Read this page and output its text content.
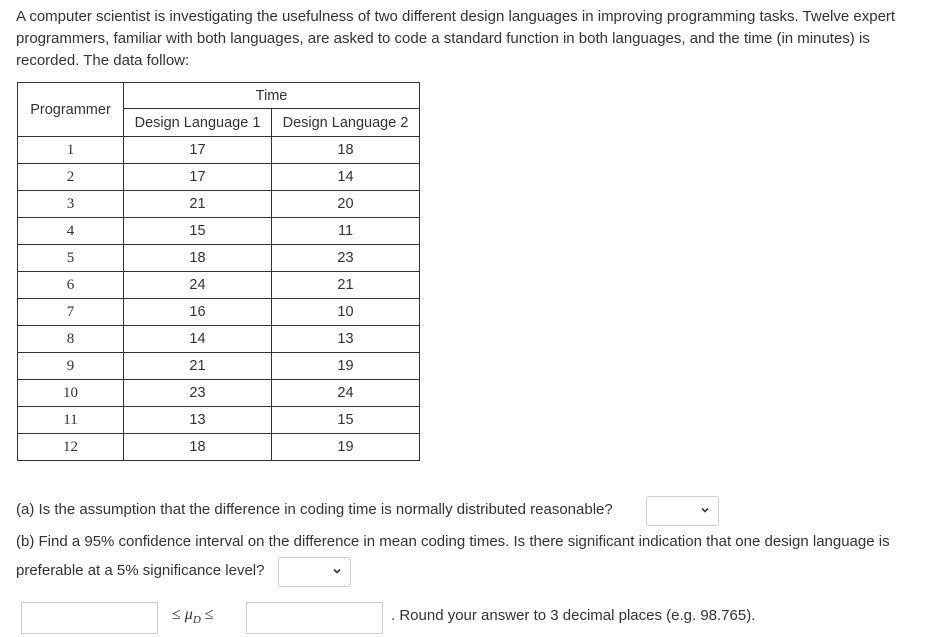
A computer scientist is investigating the usefulness of two different design languages in improving programming tasks. Twelve expert programmers, familiar with both languages, are asked to code a standard function in both languages, and the time (in minutes) is recorded. The data follow:

Programmer	Time	
	Design Language 1	Design Language 2
1	17	18
2	17	14
3	21	20
4	15	11
5	18	23
6	24	21
7	16	10
8	14	13
9	21	19
10	23	24
11	13	15
12	18	19

(a) Is the assumption that the difference in coding time is normally distributed reasonable?

(b) Find a 95% confidence interval on the difference in mean coding times. Is there significant indication that one design language is

preferable at a 5% significance level?

≤ $\mu_D$ ≤	. Round your answer to 3 decimal places (e.g. 98.765).
